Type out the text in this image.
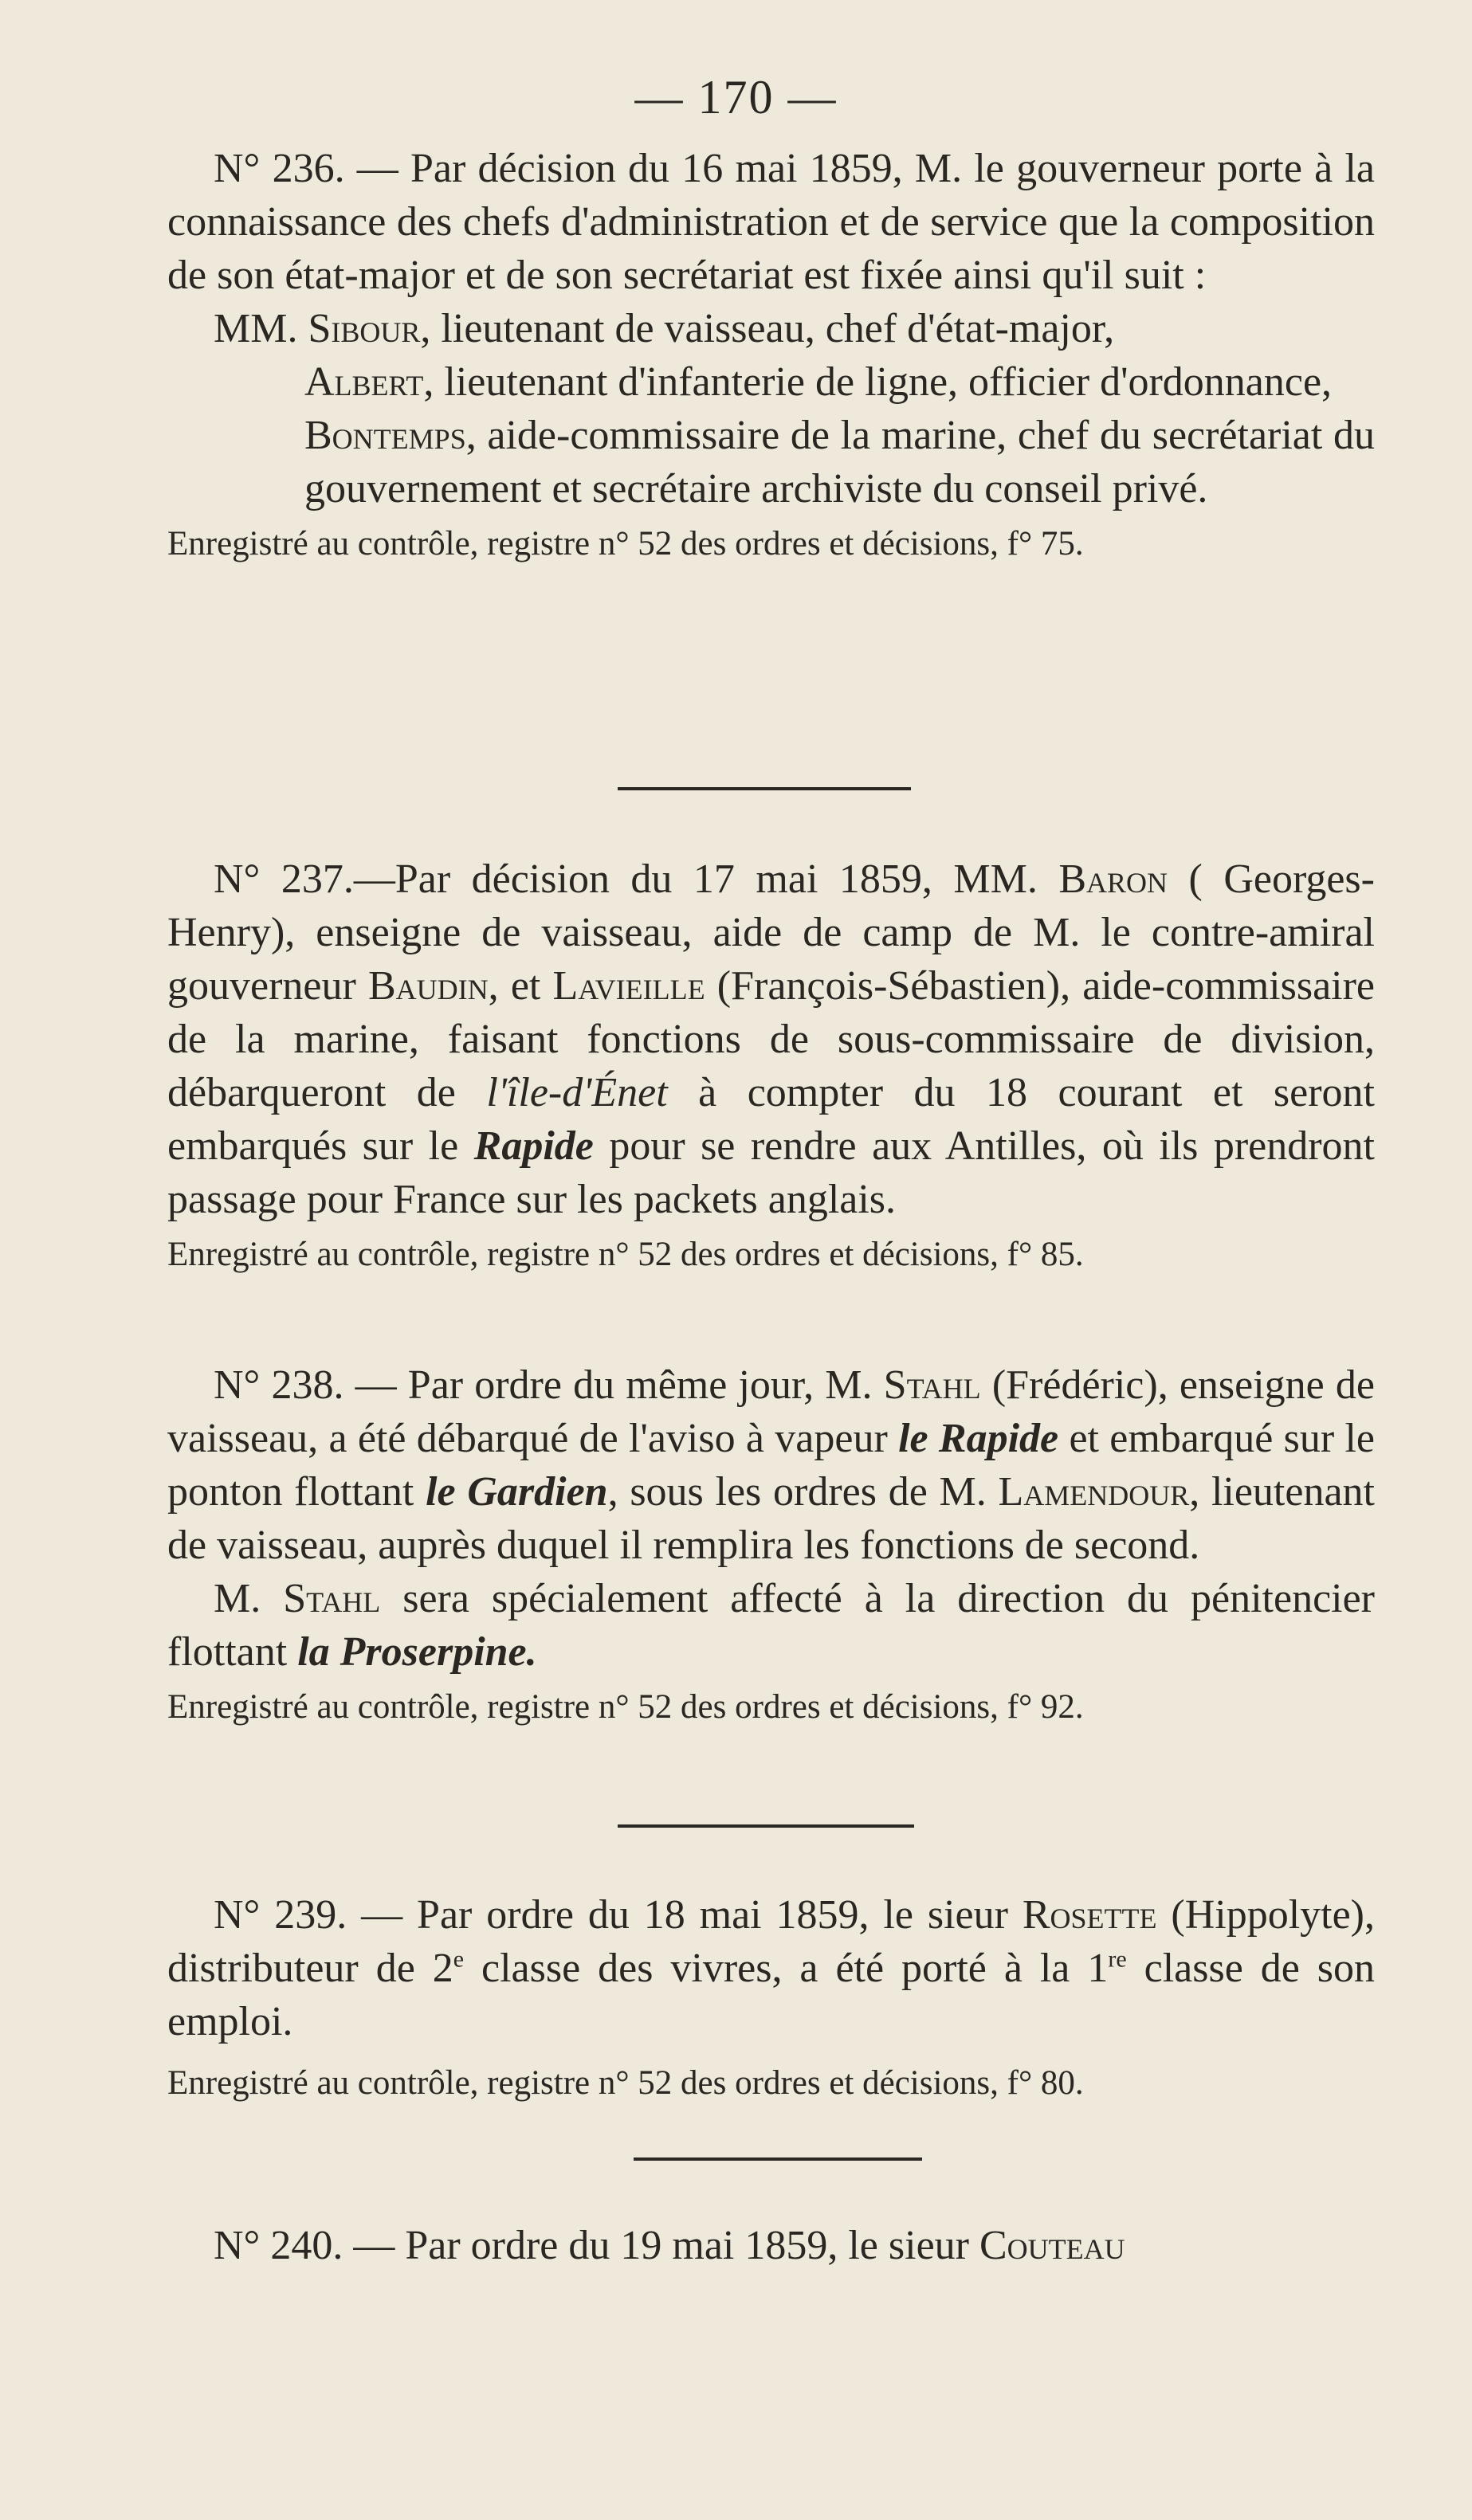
— 170 —

N° 236. — Par décision du 16 mai 1859, M. le gouverneur porte à la connaissance des chefs d'administration et de service que la composition de son état-major et de son secrétariat est fixée ainsi qu'il suit :

MM. Sibour, lieutenant de vaisseau, chef d'état-major,

Albert, lieutenant d'infanterie de ligne, officier d'ordonnance,

Bontemps, aide-commissaire de la marine, chef du secrétariat du gouvernement et secrétaire archiviste du conseil privé.

Enregistré au contrôle, registre n° 52 des ordres et décisions, f° 75.

N° 237.—Par décision du 17 mai 1859, MM. Baron ( Georges-Henry), enseigne de vaisseau, aide de camp de M. le contre-amiral gouverneur Baudin, et Lavieille (François-Sébastien), aide-commissaire de la marine, faisant fonctions de sous-commissaire de division, débarqueront de l'île-d'Énet à compter du 18 courant et seront embarqués sur le Rapide pour se rendre aux Antilles, où ils prendront passage pour France sur les packets anglais.

Enregistré au contrôle, registre n° 52 des ordres et décisions, f° 85.

N° 238. — Par ordre du même jour, M. Stahl (Frédéric), enseigne de vaisseau, a été débarqué de l'aviso à vapeur le Rapide et embarqué sur le ponton flottant le Gardien, sous les ordres de M. Lamendour, lieutenant de vaisseau, auprès duquel il remplira les fonctions de second.

M. Stahl sera spécialement affecté à la direction du pénitencier flottant la Proserpine.

Enregistré au contrôle, registre n° 52 des ordres et décisions, f° 92.

N° 239. — Par ordre du 18 mai 1859, le sieur Rosette (Hippolyte), distributeur de 2e classe des vivres, a été porté à la 1re classe de son emploi.

Enregistré au contrôle, registre n° 52 des ordres et décisions, f° 80.

N° 240. — Par ordre du 19 mai 1859, le sieur Couteau
